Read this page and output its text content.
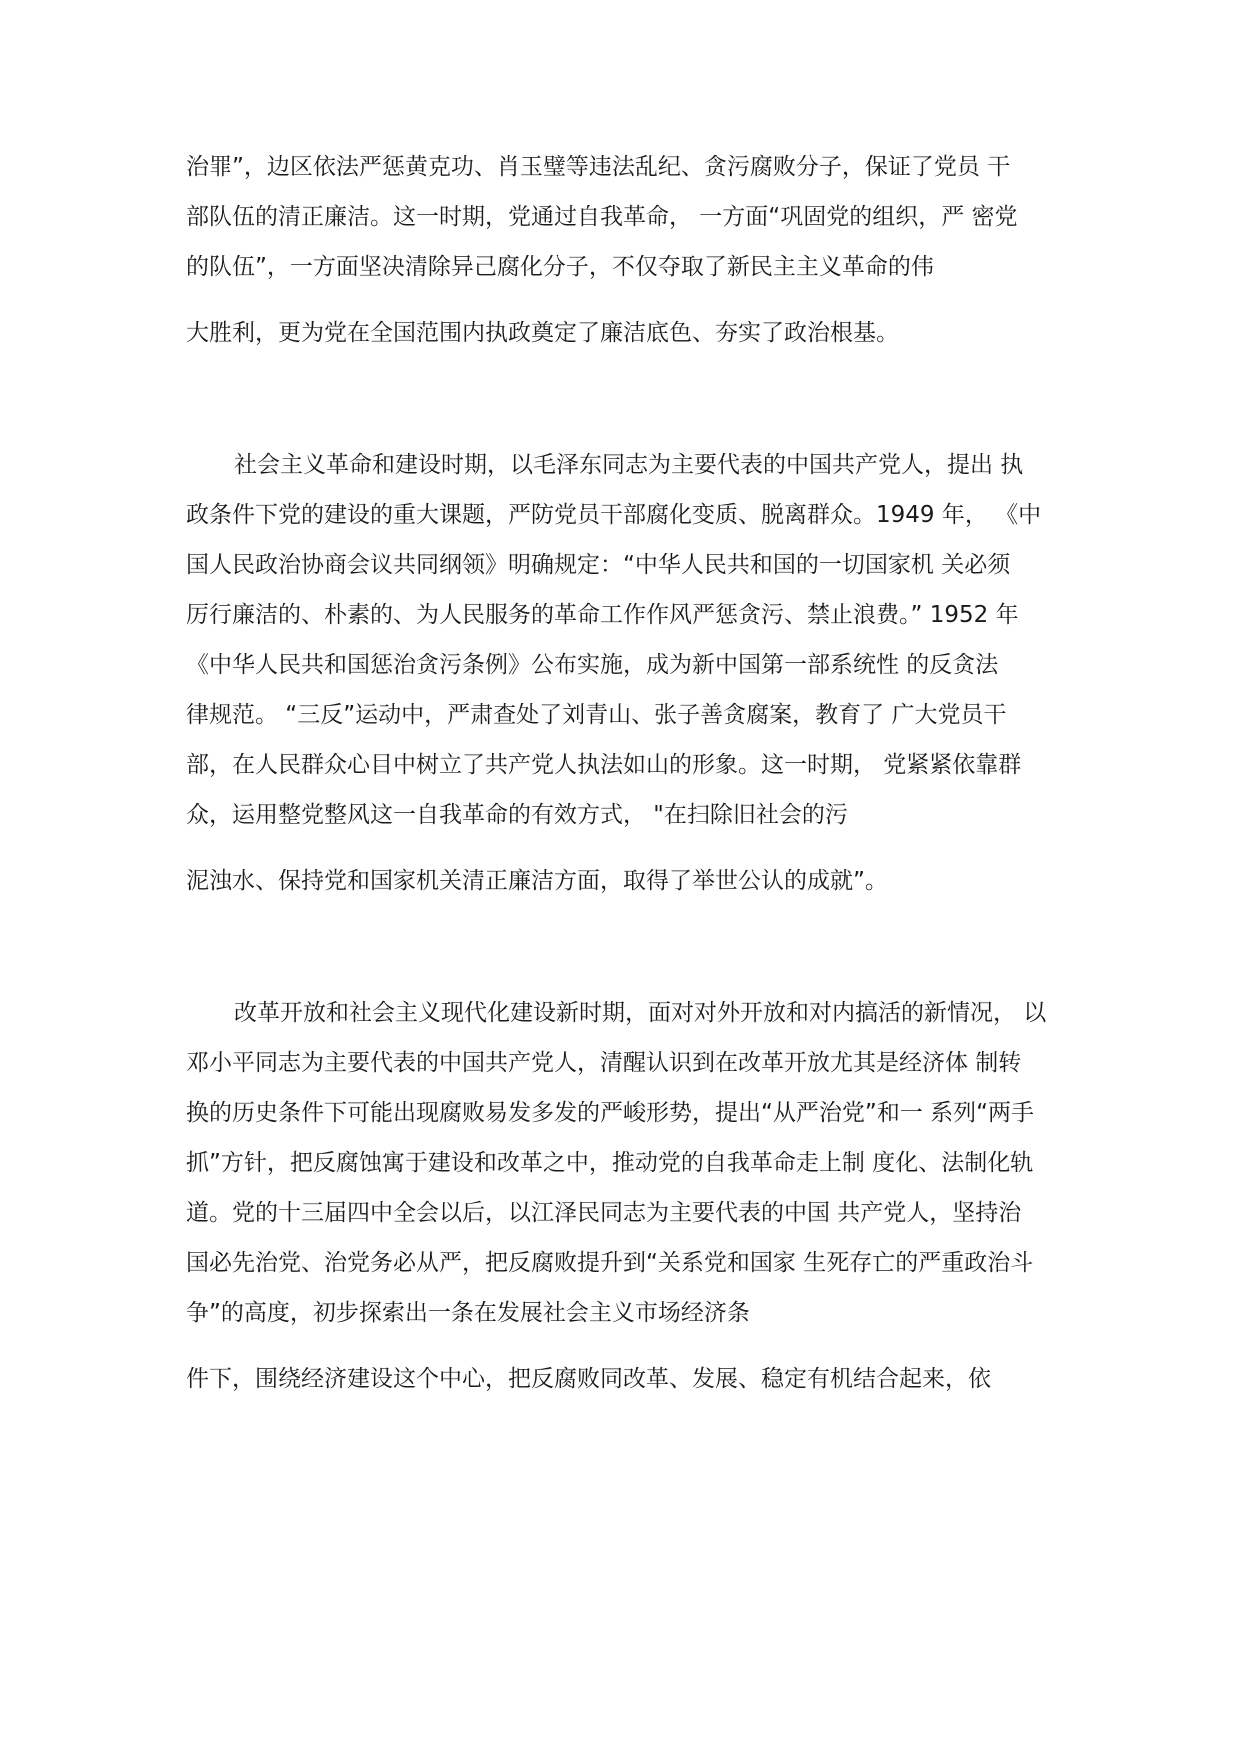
治罪”，边区依法严惩黄克功、肖玉璧等违法乱纪、贪污腐败分子，保证了党员 干
部队伍的清正廉洁。这一时期，党通过自我革命， 一方面“巩固党的组织，严 密党
的队伍”，一方面坚决清除异己腐化分子，不仅夺取了新民主主义革命的伟
大胜利，更为党在全国范围内执政奠定了廉洁底色、夯实了政治根基。
社会主义革命和建设时期，以毛泽东同志为主要代表的中国共产党人，提出 执
政条件下党的建设的重大课题，严防党员干部腐化变质、脱离群众。1949 年， 《中
国人民政治协商会议共同纲领》明确规定：“中华人民共和国的一切国家机 关必须
厉行廉洁的、朴素的、为人民服务的革命工作作风严惩贪污、禁止浪费。” 1952 年
《中华人民共和国惩治贪污条例》公布实施，成为新中国第一部系统性 的反贪法
律规范。 “三反”运动中，严肃查处了刘青山、张子善贪腐案，教育了 广大党员干
部，在人民群众心目中树立了共产党人执法如山的形象。这一时期， 党紧紧依靠群
众，运用整党整风这一自我革命的有效方式， "在扫除旧社会的污
泥浊水、保持党和国家机关清正廉洁方面，取得了举世公认的成就”。
改革开放和社会主义现代化建设新时期，面对对外开放和对内搞活的新情况， 以
邓小平同志为主要代表的中国共产党人，清醒认识到在改革开放尤其是经济体 制转
换的历史条件下可能出现腐败易发多发的严峻形势，提出“从严治党”和一 系列“两手
抓”方针，把反腐蚀寓于建设和改革之中，推动党的自我革命走上制 度化、法制化轨
道。党的十三届四中全会以后，以江泽民同志为主要代表的中国 共产党人，坚持治
国必先治党、治党务必从严，把反腐败提升到“关系党和国家 生死存亡的严重政治斗
争”的高度，初步探索出一条在发展社会主义市场经济条
件下，围绕经济建设这个中心，把反腐败同改革、发展、稳定有机结合起来，依
